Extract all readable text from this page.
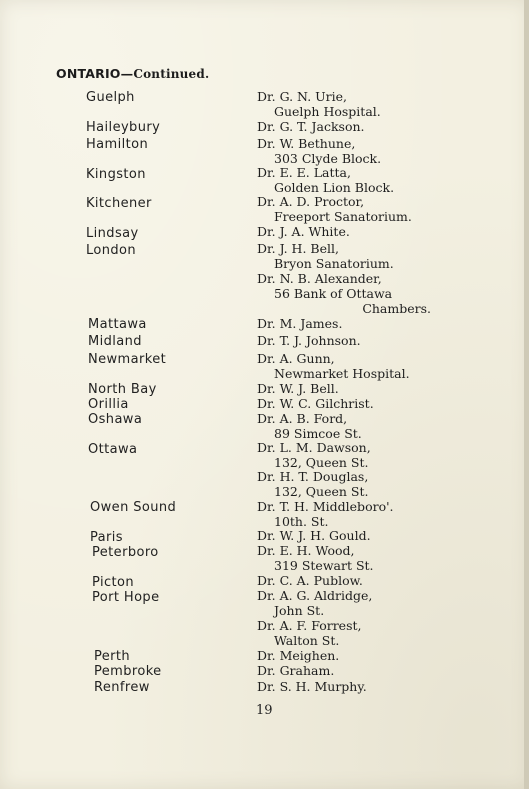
ONTARIO—Continued.
Guelph
Haileybury
Hamilton
Kingston
Kitchener
Lindsay
London
Mattawa
Midland
Newmarket
North Bay
Orillia
Oshawa
Ottawa
Owen Sound
Paris
Peterboro
Picton
Port Hope
Perth
Pembroke
Renfrew
Dr. G. N. Urie,
Guelph Hospital.
Dr. G. T. Jackson.
Dr. W. Bethune,
303 Clyde Block.
Dr. E. E. Latta,
Golden Lion Block.
Dr. A. D. Proctor,
Freeport Sanatorium.
Dr. J. A. White.
Dr. J. H. Bell,
Bryon Sanatorium.
Dr. N. B. Alexander,
56 Bank of Ottawa
Chambers.
Dr. M. James.
Dr. T. J. Johnson.
Dr. A. Gunn,
Newmarket Hospital.
Dr. W. J. Bell.
Dr. W. C. Gilchrist.
Dr. A. B. Ford,
89 Simcoe St.
Dr. L. M. Dawson,
132, Queen St.
Dr. H. T. Douglas,
132, Queen St.
Dr. T. H. Middleboro'.
10th. St.
Dr. W. J. H. Gould.
Dr. E. H. Wood,
319 Stewart St.
Dr. C. A. Publow.
Dr. A. G. Aldridge,
John St.
Dr. A. F. Forrest,
Walton St.
Dr. Meighen.
Dr. Graham.
Dr. S. H. Murphy.
19
